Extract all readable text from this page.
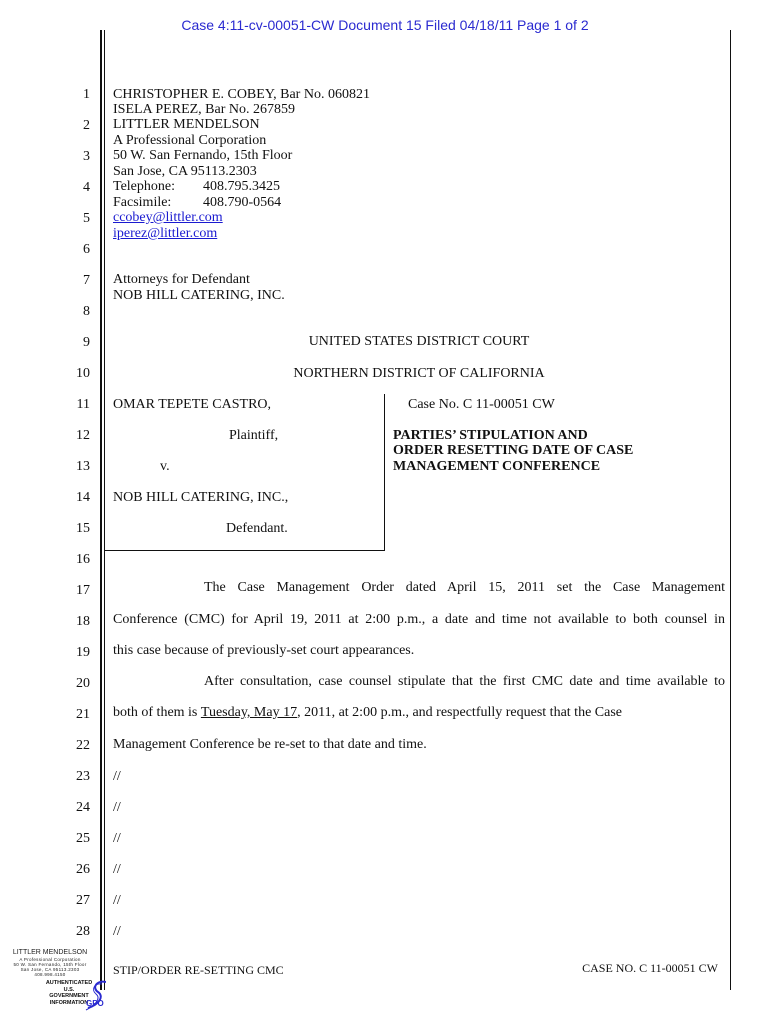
Case 4:11-cv-00051-CW Document 15 Filed 04/18/11 Page 1 of 2
1
2
3
4
5
6
7
8
9
10
11
12
13
14
15
16
17
18
19
20
21
22
23
24
25
26
27
28
CHRISTOPHER E. COBEY, Bar No. 060821
ISELA PEREZ, Bar No. 267859
LITTLER MENDELSON
A Professional Corporation
50 W. San Fernando, 15th Floor
San Jose, CA 95113.2303
Telephone: 408.795.3425
Facsimile: 408.790-0564
ccobey@littler.com
iperez@littler.com
Attorneys for Defendant
NOB HILL CATERING, INC.
UNITED STATES DISTRICT COURT
NORTHERN DISTRICT OF CALIFORNIA
OMAR TEPETE CASTRO,
Plaintiff,
v.
NOB HILL CATERING, INC.,
Defendant.
Case No. C 11-00051 CW
PARTIES’ STIPULATION AND
ORDER RESETTING DATE OF CASE
MANAGEMENT CONFERENCE
The Case Management Order dated April 15, 2011 set the Case Management
Conference (CMC) for April 19, 2011 at 2:00 p.m., a date and time not available to both counsel in
this case because of previously-set court appearances.
After consultation, case counsel stipulate that the first CMC date and time available to
both of them is Tuesday, May 17 , 2011, at 2:00 p.m., and respectfully request that the Case
Management Conference be re-set to that date and time.
//
//
//
//
//
//
LITTLER MENDELSON
A Professional Corporation
50 W. San Fernando, 15th Floor
San Jose, CA 95113.2303
408.998.4150
AUTHENTICATED
U.S. GOVERNMENT
INFORMATION
GPO
STIP/ORDER RE-SETTING CMC	CASE NO. C 11-00051 CW
